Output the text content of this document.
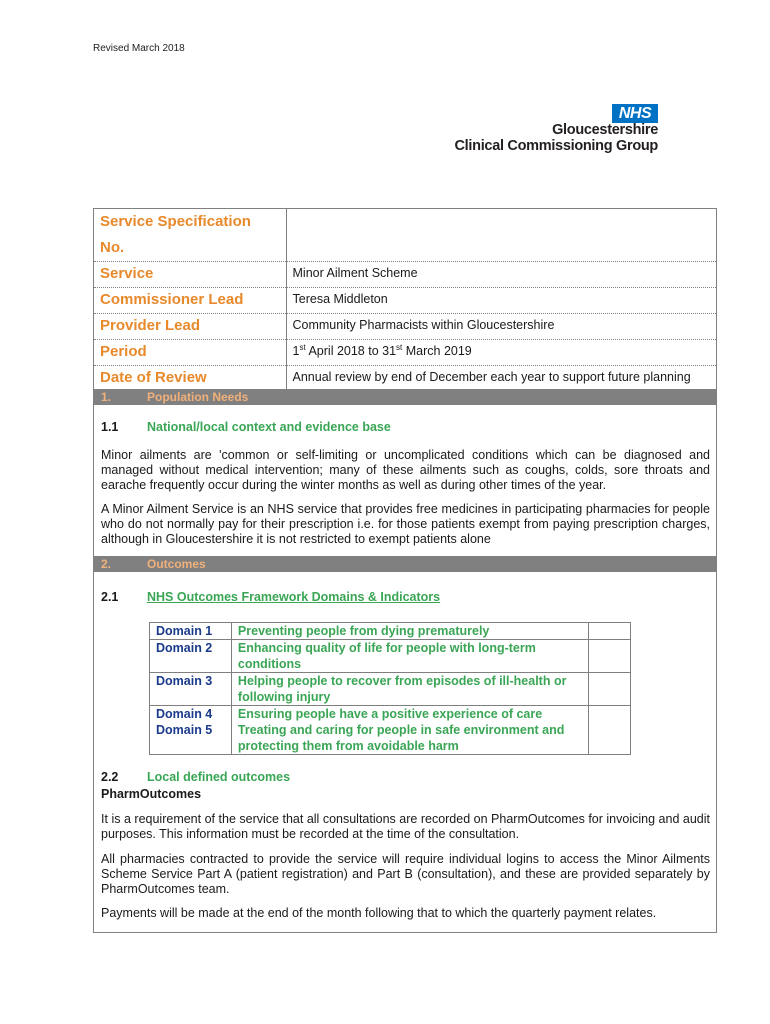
Revised March 2018
NHS
Gloucestershire
Clinical Commissioning Group
Service Specification
No.	
Service	Minor Ailment Scheme
Commissioner Lead	Teresa Middleton
Provider Lead	Community Pharmacists within Gloucestershire
Period	1st April 2018 to 31st March 2019
Date of Review	Annual review by end of December each year to support future planning
1.	Population Needs
1.1	National/local context and evidence base
Minor ailments are 'common or self-limiting or uncomplicated conditions which can be diagnosed and managed without medical intervention; many of these ailments such as coughs, colds, sore throats and earache frequently occur during the winter months as well as during other times of the year.
A Minor Ailment Service is an NHS service that provides free medicines in participating pharmacies for people who do not normally pay for their prescription i.e. for those patients exempt from paying prescription charges, although in Gloucestershire it is not restricted to exempt patients alone
2.	Outcomes
2.1	NHS Outcomes Framework Domains & Indicators
Domain 1	Preventing people from dying prematurely	
Domain 2	Enhancing quality of life for people with long-term conditions	
Domain 3	Helping people to recover from episodes of ill-health or following injury	
Domain 4	Ensuring people have a positive experience of care	
Domain 5	Treating and caring for people in safe environment and protecting them from avoidable harm	
2.2	Local defined outcomes
PharmOutcomes
It is a requirement of the service that all consultations are recorded on PharmOutcomes for invoicing and audit purposes. This information must be recorded at the time of the consultation.
All pharmacies contracted to provide the service will require individual logins to access the Minor Ailments Scheme Service Part A (patient registration) and Part B (consultation), and these are provided separately by PharmOutcomes team.
Payments will be made at the end of the month following that to which the quarterly payment relates.
